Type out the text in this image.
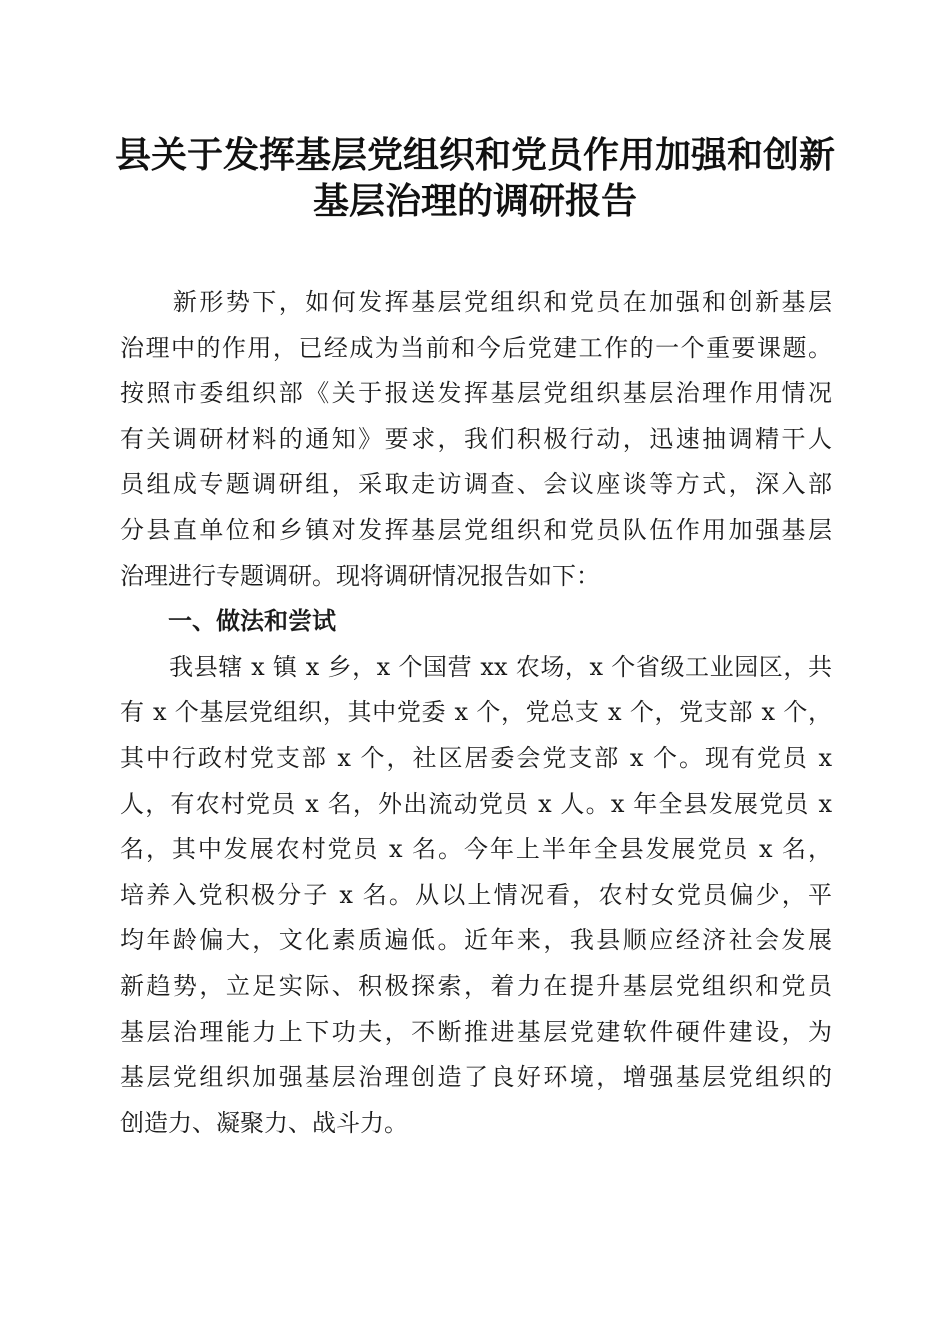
县关于发挥基层党组织和党员作用加强和创新
基层治理的调研报告
　　新形势下，如何发挥基层党组织和党员在加强和创新基层
治理中的作用，已经成为当前和今后党建工作的一个重要课题。
按照市委组织部《关于报送发挥基层党组织基层治理作用情况
有关调研材料的通知》要求，我们积极行动，迅速抽调精干人
员组成专题调研组，采取走访调查、会议座谈等方式，深入部
分县直单位和乡镇对发挥基层党组织和党员队伍作用加强基层
治理进行专题调研。现将调研情况报告如下：
　　一、做法和尝试
　　我县辖 x 镇 x 乡，x 个国营 xx 农场，x 个省级工业园区，共
有 x 个基层党组织，其中党委 x 个，党总支 x 个，党支部 x 个，
其中行政村党支部 x 个，社区居委会党支部 x 个。现有党员 x
人，有农村党员 x 名，外出流动党员 x 人。x 年全县发展党员 x
名，其中发展农村党员 x 名。今年上半年全县发展党员 x 名，
培养入党积极分子 x 名。从以上情况看，农村女党员偏少，平
均年龄偏大，文化素质遍低。近年来，我县顺应经济社会发展
新趋势，立足实际、积极探索，着力在提升基层党组织和党员
基层治理能力上下功夫，不断推进基层党建软件硬件建设，为
基层党组织加强基层治理创造了良好环境，增强基层党组织的
创造力、凝聚力、战斗力。
